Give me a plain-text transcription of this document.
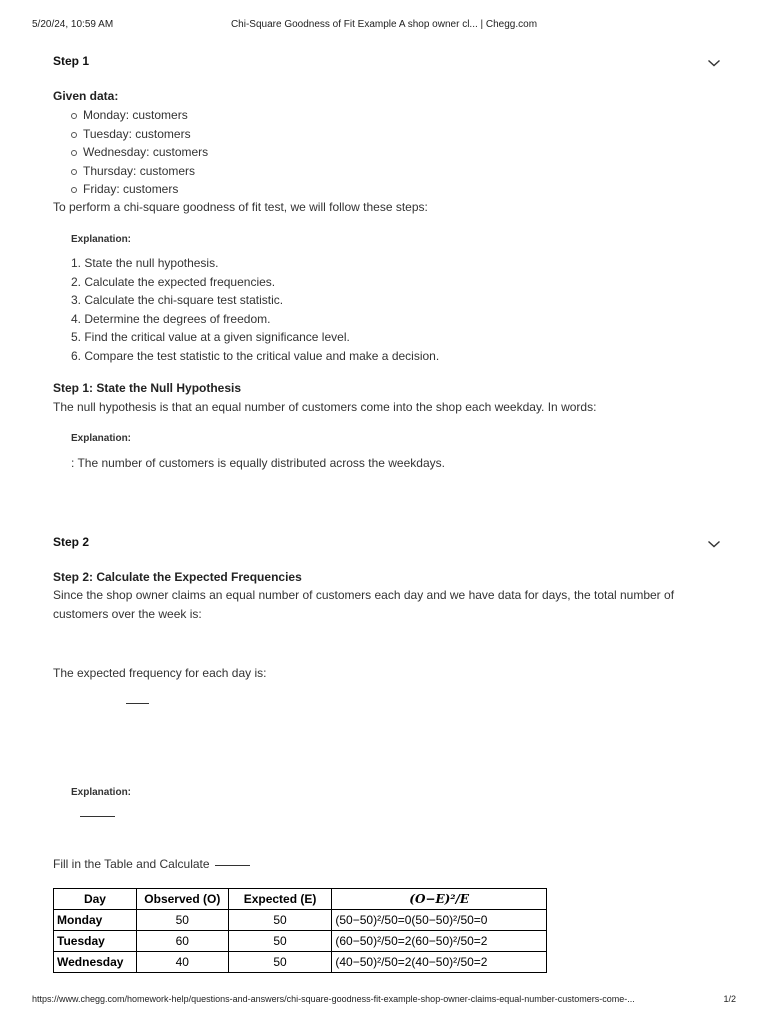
5/20/24, 10:59 AM	Chi-Square Goodness of Fit Example A shop owner cl... | Chegg.com
Step 1
Given data:
Monday: customers
Tuesday: customers
Wednesday: customers
Thursday: customers
Friday: customers
To perform a chi-square goodness of fit test, we will follow these steps:
Explanation:
1. State the null hypothesis.
2. Calculate the expected frequencies.
3. Calculate the chi-square test statistic.
4. Determine the degrees of freedom.
5. Find the critical value at a given significance level.
6. Compare the test statistic to the critical value and make a decision.
Step 1: State the Null Hypothesis
The null hypothesis is that an equal number of customers come into the shop each weekday. In words:
Explanation:
: The number of customers is equally distributed across the weekdays.
Step 2
Step 2: Calculate the Expected Frequencies
Since the shop owner claims an equal number of customers each day and we have data for days, the total number of
customers over the week is:
The expected frequency for each day is:
Explanation:
Fill in the Table and Calculate
Day	Observed (O)	Expected (E)	(O−E)²/E
Monday	50	50	(50−50)²/50=0(50−50)²/50=0
Tuesday	60	50	(60−50)²/50=2(60−50)²/50=2
Wednesday	40	50	(40−50)²/50=2(40−50)²/50=2
https://www.chegg.com/homework-help/questions-and-answers/chi-square-goodness-fit-example-shop-owner-claims-equal-number-customers-come-...	1/2
